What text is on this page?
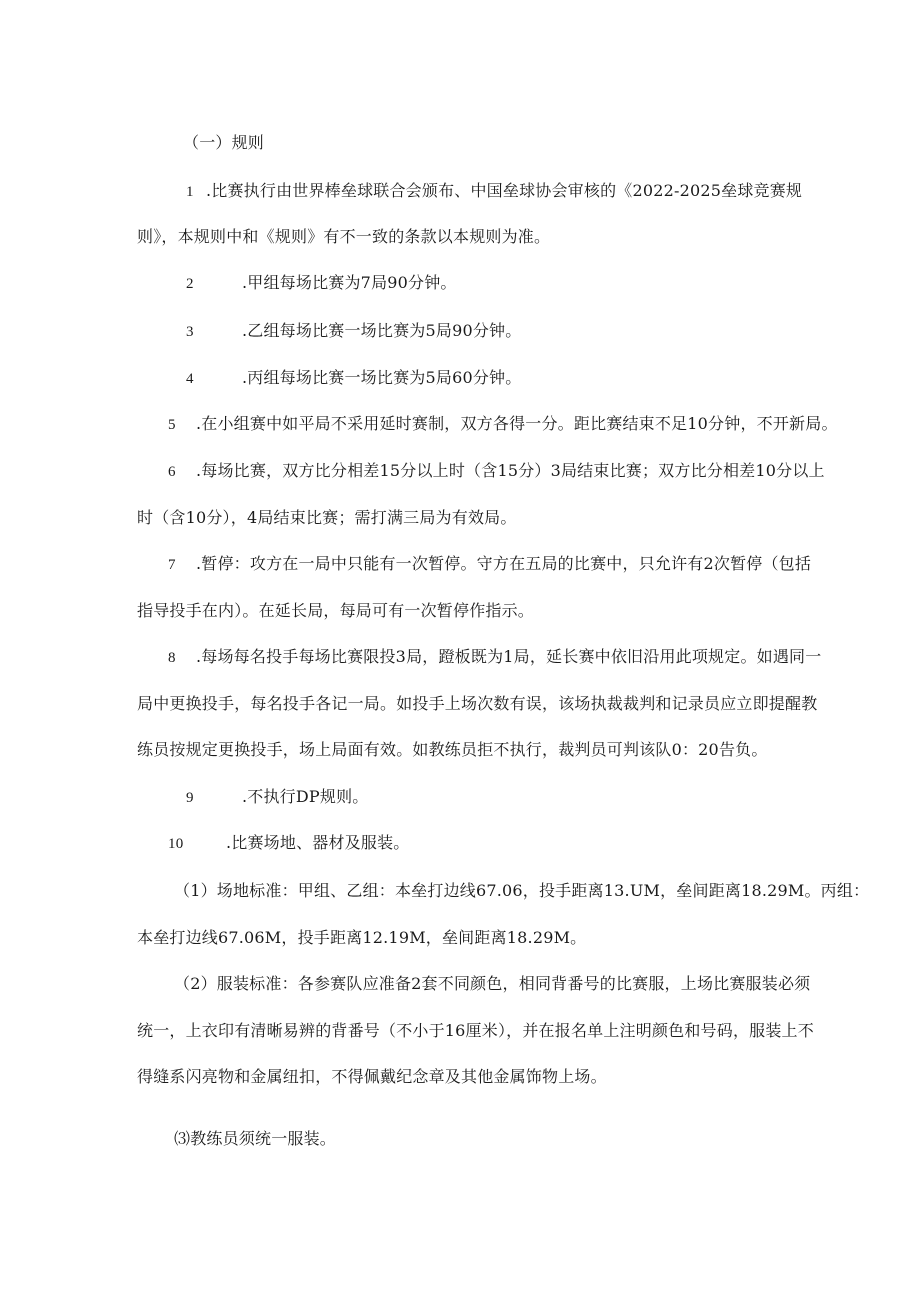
（一）规则
1 .比赛执行由世界棒垒球联合会颁布、中国垒球协会审核的《2022-2025垒球竞赛规
则》，本规则中和《规则》有不一致的条款以本规则为准。
2	.甲组每场比赛为7局90分钟。
3	.乙组每场比赛一场比赛为5局90分钟。
4	.丙组每场比赛一场比赛为5局60分钟。
5 .在小组赛中如平局不采用延时赛制，双方各得一分。距比赛结束不足10分钟，不开新局。
6 .每场比赛，双方比分相差15分以上时（含15分）3局结束比赛；双方比分相差10分以上
时（含10分），4局结束比赛；需打满三局为有效局。
7 .暂停：攻方在一局中只能有一次暂停。守方在五局的比赛中，只允许有2次暂停（包括
指导投手在内）。在延长局，每局可有一次暂停作指示。
8 .每场每名投手每场比赛限投3局，蹬板既为1局，延长赛中依旧沿用此项规定。如遇同一
局中更换投手，每名投手各记一局。如投手上场次数有误，该场执裁裁判和记录员应立即提醒教
练员按规定更换投手，场上局面有效。如教练员拒不执行，裁判员可判该队0：20告负。
9	.不执行DP规则。
10	.比赛场地、器材及服装。
（1）场地标准：甲组、乙组：本垒打边线67.06，投手距离13.UM，垒间距离18.29M。丙组：
本垒打边线67.06M，投手距离12.19M，垒间距离18.29M。
（2）服装标准：各参赛队应准备2套不同颜色，相同背番号的比赛服，上场比赛服装必须
统一，上衣印有清晰易辨的背番号（不小于16厘米），并在报名单上注明颜色和号码，服装上不
得缝系闪亮物和金属纽扣，不得佩戴纪念章及其他金属饰物上场。
⑶教练员须统一服装。
